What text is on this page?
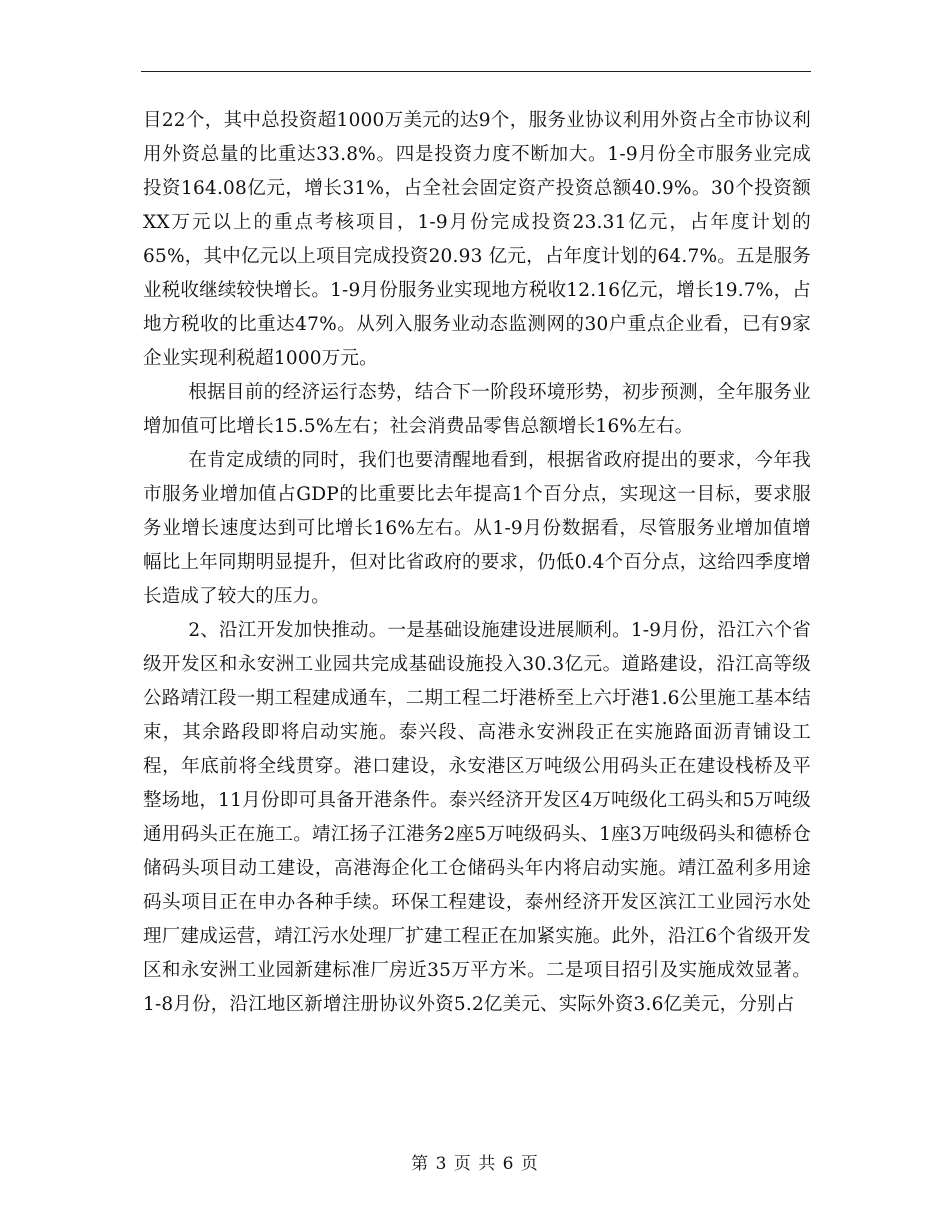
目22个，其中总投资超1000万美元的达9个，服务业协议利用外资占全市协议利用外资总量的比重达33.8%。四是投资力度不断加大。1-9月份全市服务业完成投资164.08亿元，增长31%，占全社会固定资产投资总额40.9%。30个投资额XX万元以上的重点考核项目，1-9月份完成投资23.31亿元，占年度计划的65%，其中亿元以上项目完成投资20.93 亿元，占年度计划的64.7%。五是服务业税收继续较快增长。1-9月份服务业实现地方税收12.16亿元，增长19.7%，占地方税收的比重达47%。从列入服务业动态监测网的30户重点企业看，已有9家企业实现利税超1000万元。

根据目前的经济运行态势，结合下一阶段环境形势，初步预测，全年服务业增加值可比增长15.5%左右；社会消费品零售总额增长16%左右。

在肯定成绩的同时，我们也要清醒地看到，根据省政府提出的要求，今年我市服务业增加值占GDP的比重要比去年提高1个百分点，实现这一目标，要求服务业增长速度达到可比增长16%左右。从1-9月份数据看，尽管服务业增加值增幅比上年同期明显提升，但对比省政府的要求，仍低0.4个百分点，这给四季度增长造成了较大的压力。

2、沿江开发加快推动。一是基础设施建设进展顺利。1-9月份，沿江六个省级开发区和永安洲工业园共完成基础设施投入30.3亿元。道路建设，沿江高等级公路靖江段一期工程建成通车，二期工程二圩港桥至上六圩港1.6公里施工基本结束，其余路段即将启动实施。泰兴段、高港永安洲段正在实施路面沥青铺设工程，年底前将全线贯穿。港口建设，永安港区万吨级公用码头正在建设栈桥及平整场地，11月份即可具备开港条件。泰兴经济开发区4万吨级化工码头和5万吨级通用码头正在施工。靖江扬子江港务2座5万吨级码头、1座3万吨级码头和德桥仓储码头项目动工建设，高港海企化工仓储码头年内将启动实施。靖江盈利多用途码头项目正在申办各种手续。环保工程建设，泰州经济开发区滨江工业园污水处理厂建成运营，靖江污水处理厂扩建工程正在加紧实施。此外，沿江6个省级开发区和永安洲工业园新建标准厂房近35万平方米。二是项目招引及实施成效显著。1-8月份，沿江地区新增注册协议外资5.2亿美元、实际外资3.6亿美元，分别占

第 3 页 共 6 页
